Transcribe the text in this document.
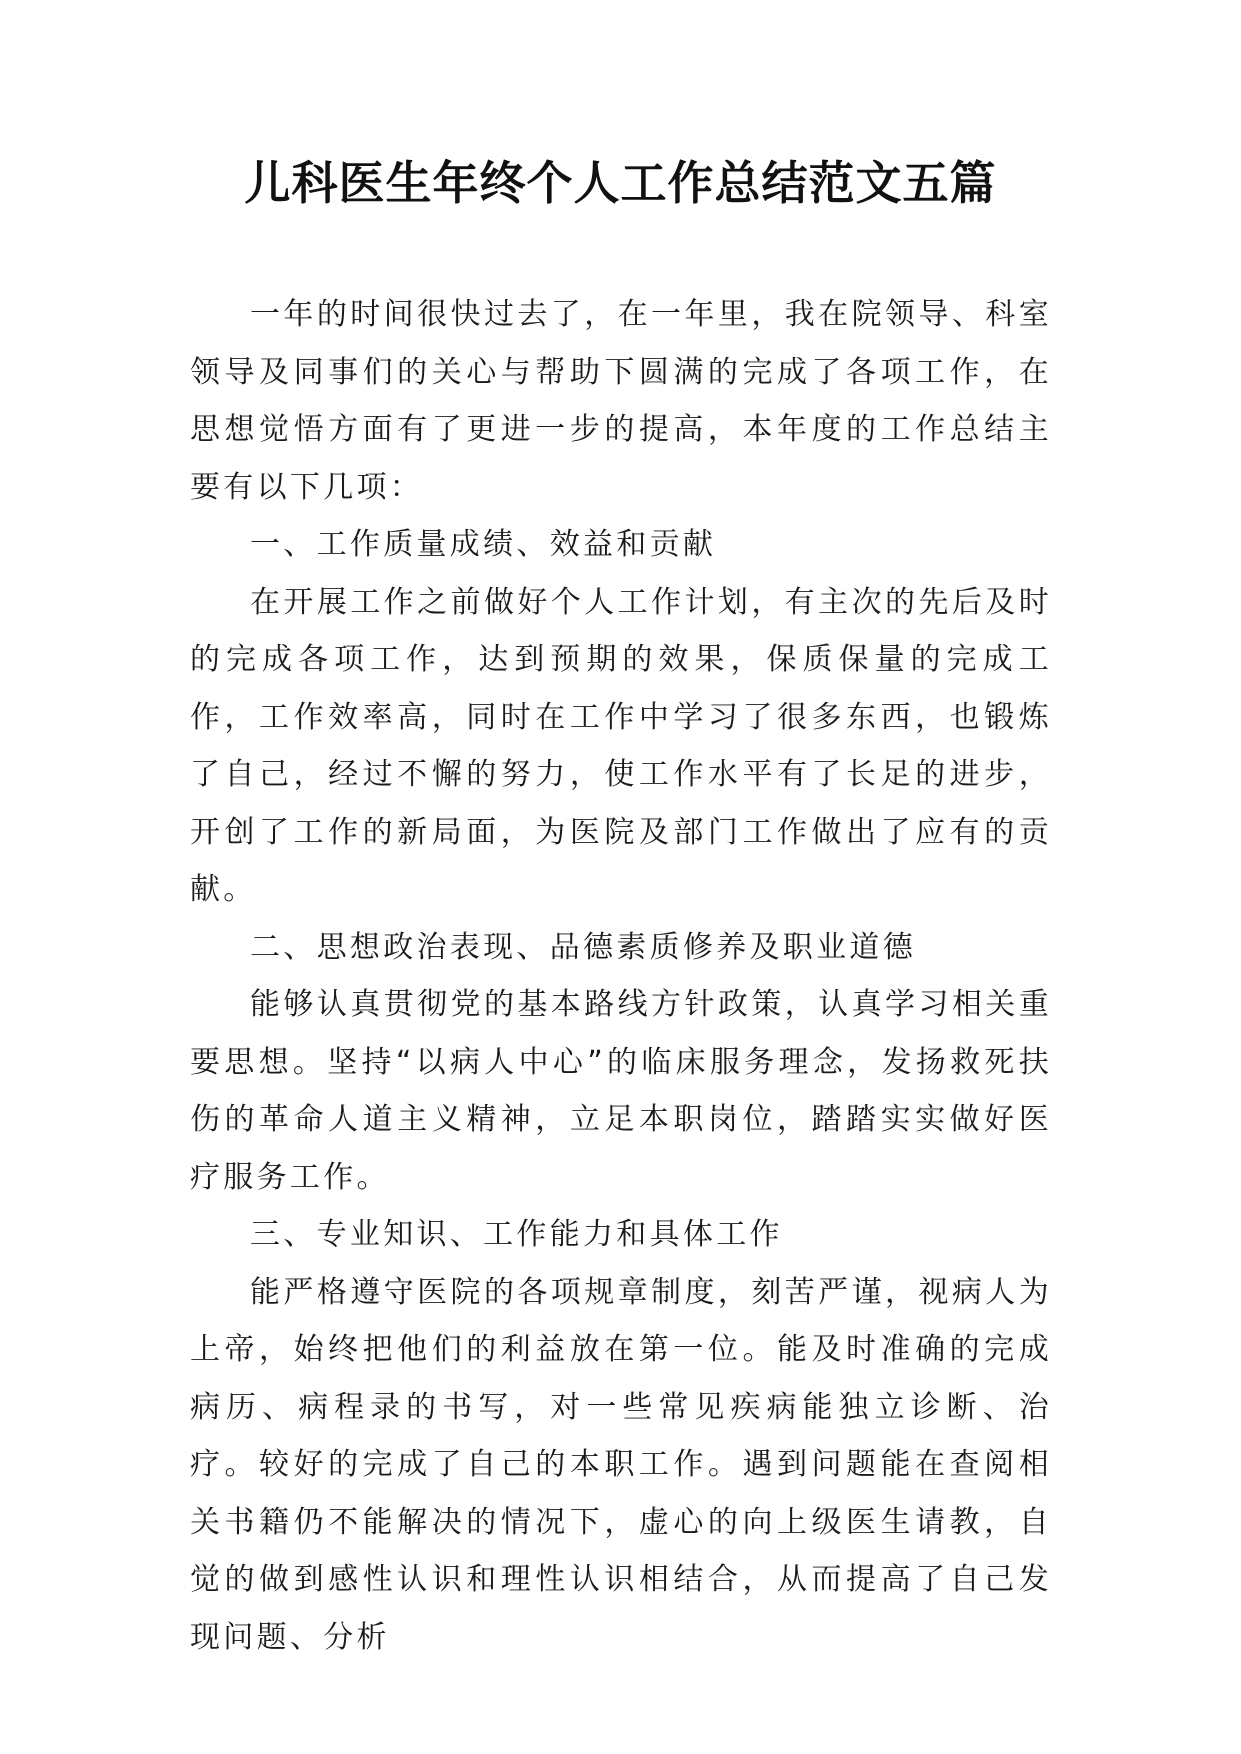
儿科医生年终个人工作总结范文五篇

一年的时间很快过去了，在一年里，我在院领导、科室领导及同事们的关心与帮助下圆满的完成了各项工作，在思想觉悟方面有了更进一步的提高，本年度的工作总结主要有以下几项：

一、工作质量成绩、效益和贡献

在开展工作之前做好个人工作计划，有主次的先后及时的完成各项工作，达到预期的效果，保质保量的完成工作，工作效率高，同时在工作中学习了很多东西，也锻炼了自己，经过不懈的努力，使工作水平有了长足的进步，开创了工作的新局面，为医院及部门工作做出了应有的贡献。

二、思想政治表现、品德素质修养及职业道德

能够认真贯彻党的基本路线方针政策，认真学习相关重要思想。坚持“以病人中心”的临床服务理念，发扬救死扶伤的革命人道主义精神，立足本职岗位，踏踏实实做好医疗服务工作。

三、专业知识、工作能力和具体工作

能严格遵守医院的各项规章制度，刻苦严谨，视病人为上帝，始终把他们的利益放在第一位。能及时准确的完成病历、病程录的书写，对一些常见疾病能独立诊断、治疗。较好的完成了自己的本职工作。遇到问题能在查阅相关书籍仍不能解决的情况下，虚心的向上级医生请教，自觉的做到感性认识和理性认识相结合，从而提高了自己发现问题、分析
